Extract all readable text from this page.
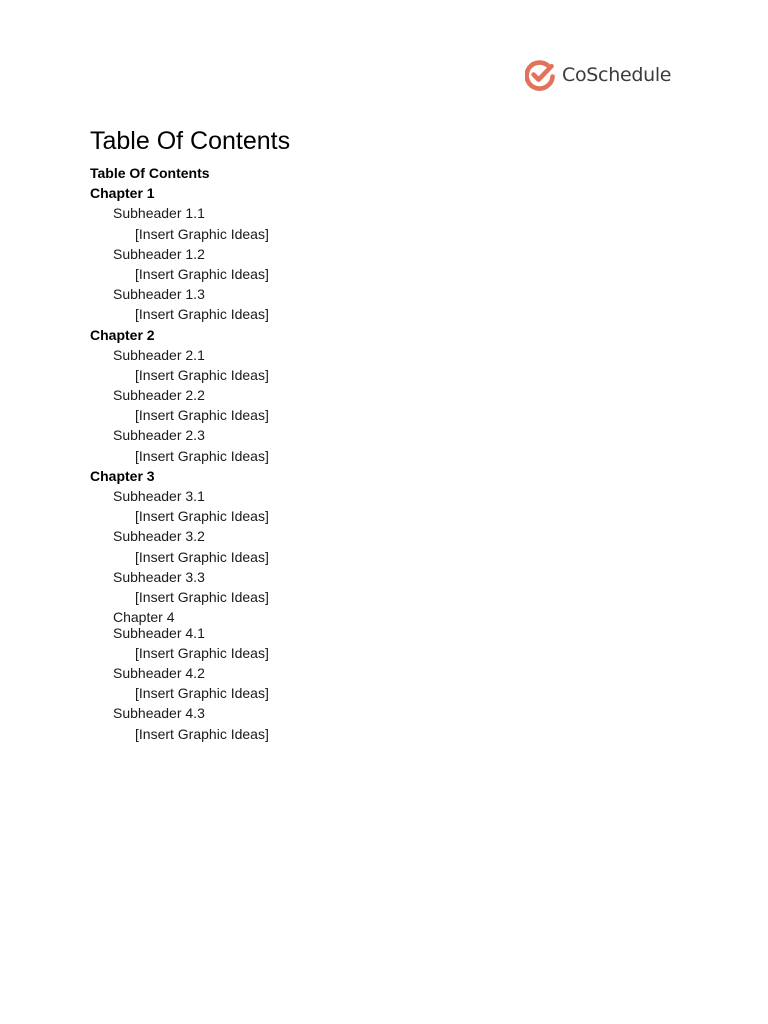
CoSchedule
Table Of Contents
Table Of Contents
Chapter 1
Subheader 1.1
[Insert Graphic Ideas]
Subheader 1.2
[Insert Graphic Ideas]
Subheader 1.3
[Insert Graphic Ideas]
Chapter 2
Subheader 2.1
[Insert Graphic Ideas]
Subheader 2.2
[Insert Graphic Ideas]
Subheader 2.3
[Insert Graphic Ideas]
Chapter 3
Subheader 3.1
[Insert Graphic Ideas]
Subheader 3.2
[Insert Graphic Ideas]
Subheader 3.3
[Insert Graphic Ideas]
Chapter 4
Subheader 4.1
[Insert Graphic Ideas]
Subheader 4.2
[Insert Graphic Ideas]
Subheader 4.3
[Insert Graphic Ideas]
